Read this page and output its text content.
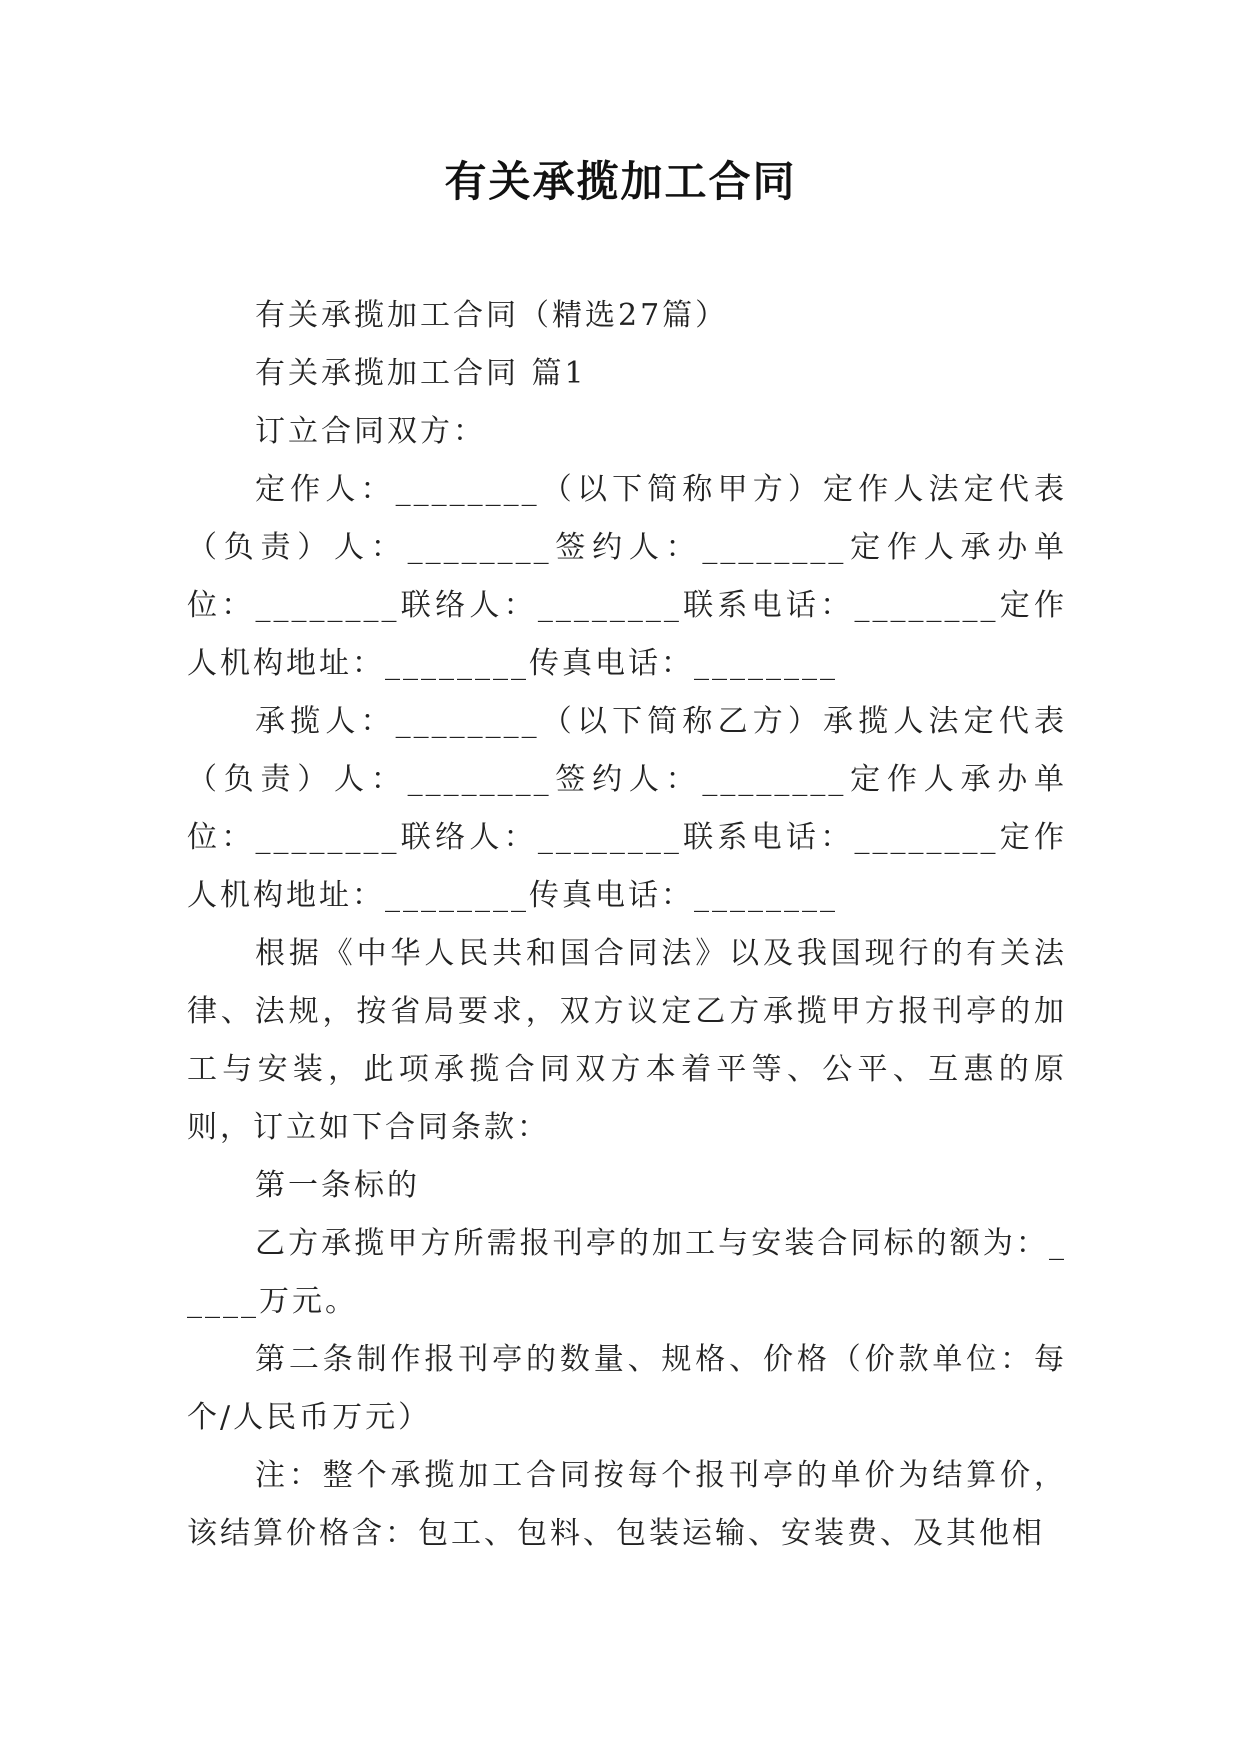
有关承揽加工合同

有关承揽加工合同（精选27篇）

有关承揽加工合同 篇1

订立合同双方：

定作人：________（以下简称甲方）定作人法定代表（负责）人：________签约人：________定作人承办单位：________联络人：________联系电话：________定作人机构地址：________传真电话：________

承揽人：________（以下简称乙方）承揽人法定代表（负责）人：________签约人：________定作人承办单位：________联络人：________联系电话：________定作人机构地址：________传真电话：________

根据《中华人民共和国合同法》以及我国现行的有关法律、法规，按省局要求，双方议定乙方承揽甲方报刊亭的加工与安装，此项承揽合同双方本着平等、公平、互惠的原则，订立如下合同条款：

第一条标的

乙方承揽甲方所需报刊亭的加工与安装合同标的额为：_____万元。

第二条制作报刊亭的数量、规格、价格（价款单位：每个/人民币万元）

注：整个承揽加工合同按每个报刊亭的单价为结算价，该结算价格含：包工、包料、包装运输、安装费、及其他相
